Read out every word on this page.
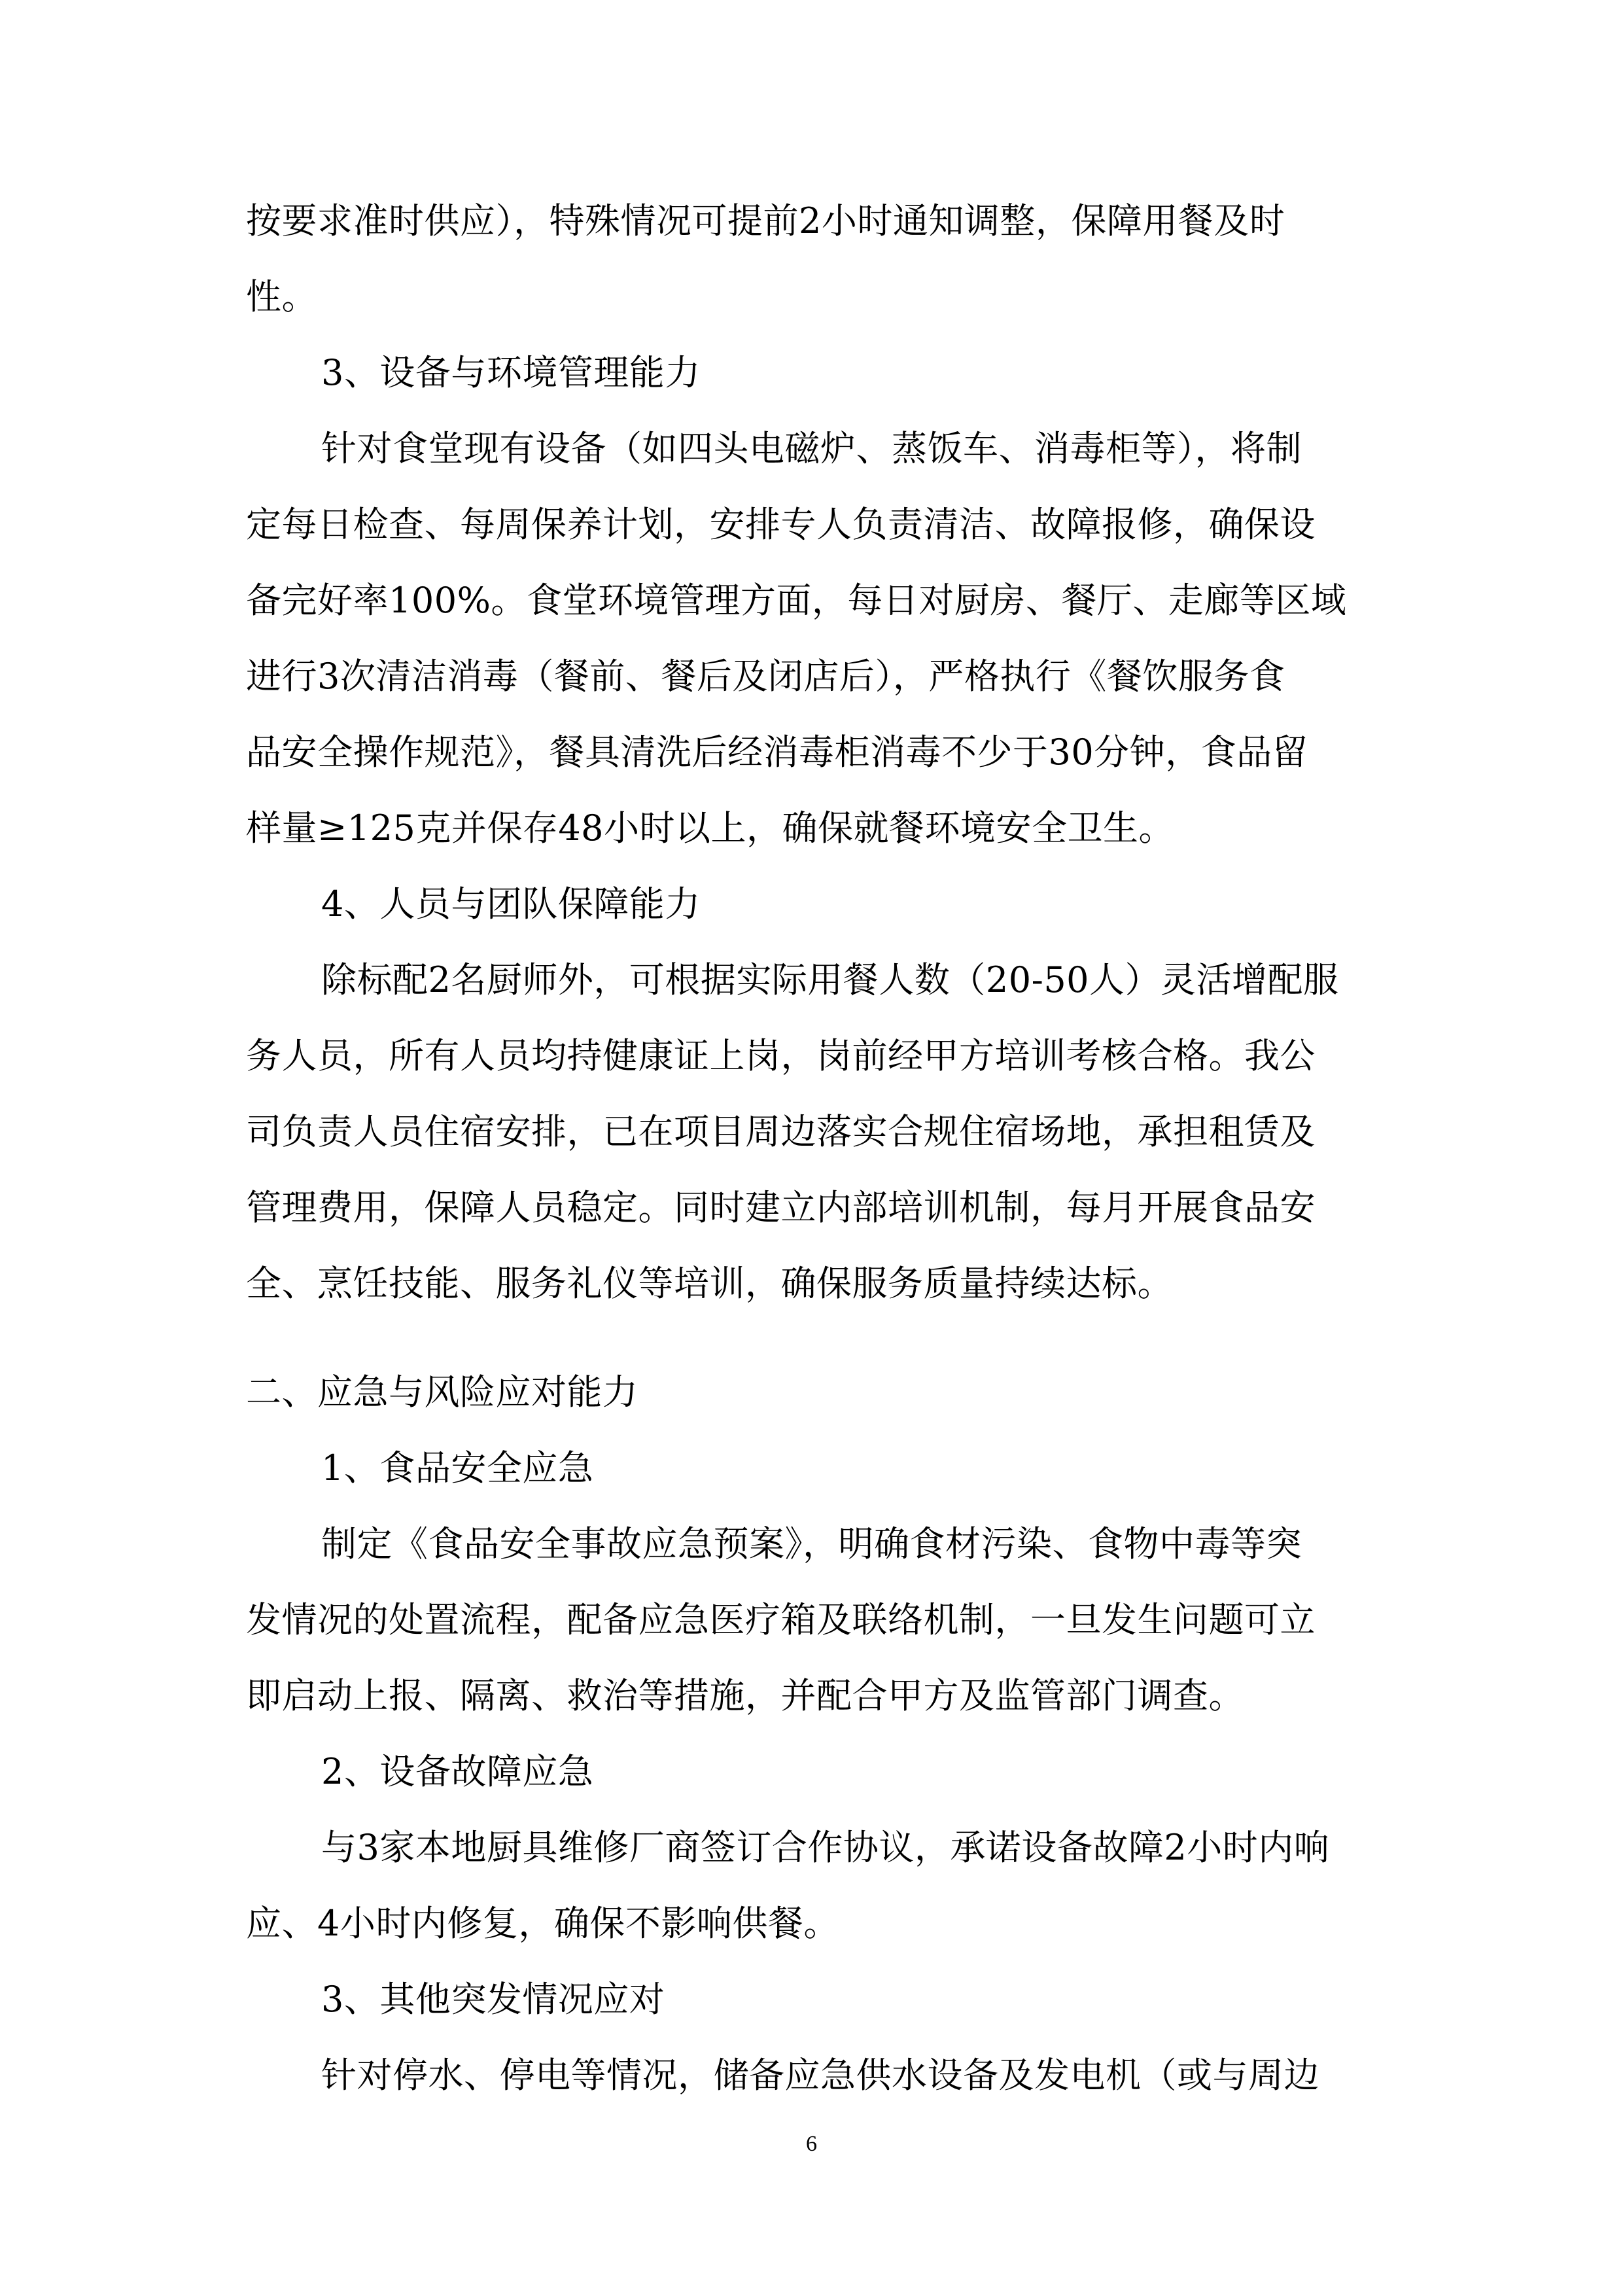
按要求准时供应），特殊情况可提前2小时通知调整，保障用餐及时
性。
3、设备与环境管理能力
针对食堂现有设备（如四头电磁炉、蒸饭车、消毒柜等），将制
定每日检查、每周保养计划，安排专人负责清洁、故障报修，确保设
备完好率100%。食堂环境管理方面，每日对厨房、餐厅、走廊等区域
进行3次清洁消毒（餐前、餐后及闭店后），严格执行《餐饮服务食
品安全操作规范》，餐具清洗后经消毒柜消毒不少于30分钟，食品留
样量≥125克并保存48小时以上，确保就餐环境安全卫生。
4、人员与团队保障能力
除标配2名厨师外，可根据实际用餐人数（20-50人）灵活增配服
务人员，所有人员均持健康证上岗，岗前经甲方培训考核合格。我公
司负责人员住宿安排，已在项目周边落实合规住宿场地，承担租赁及
管理费用，保障人员稳定。同时建立内部培训机制，每月开展食品安
全、烹饪技能、服务礼仪等培训，确保服务质量持续达标。
二、应急与风险应对能力
1、食品安全应急
制定《食品安全事故应急预案》，明确食材污染、食物中毒等突
发情况的处置流程，配备应急医疗箱及联络机制，一旦发生问题可立
即启动上报、隔离、救治等措施，并配合甲方及监管部门调查。
2、设备故障应急
与3家本地厨具维修厂商签订合作协议，承诺设备故障2小时内响
应、4小时内修复，确保不影响供餐。
3、其他突发情况应对
针对停水、停电等情况，储备应急供水设备及发电机（或与周边
6
